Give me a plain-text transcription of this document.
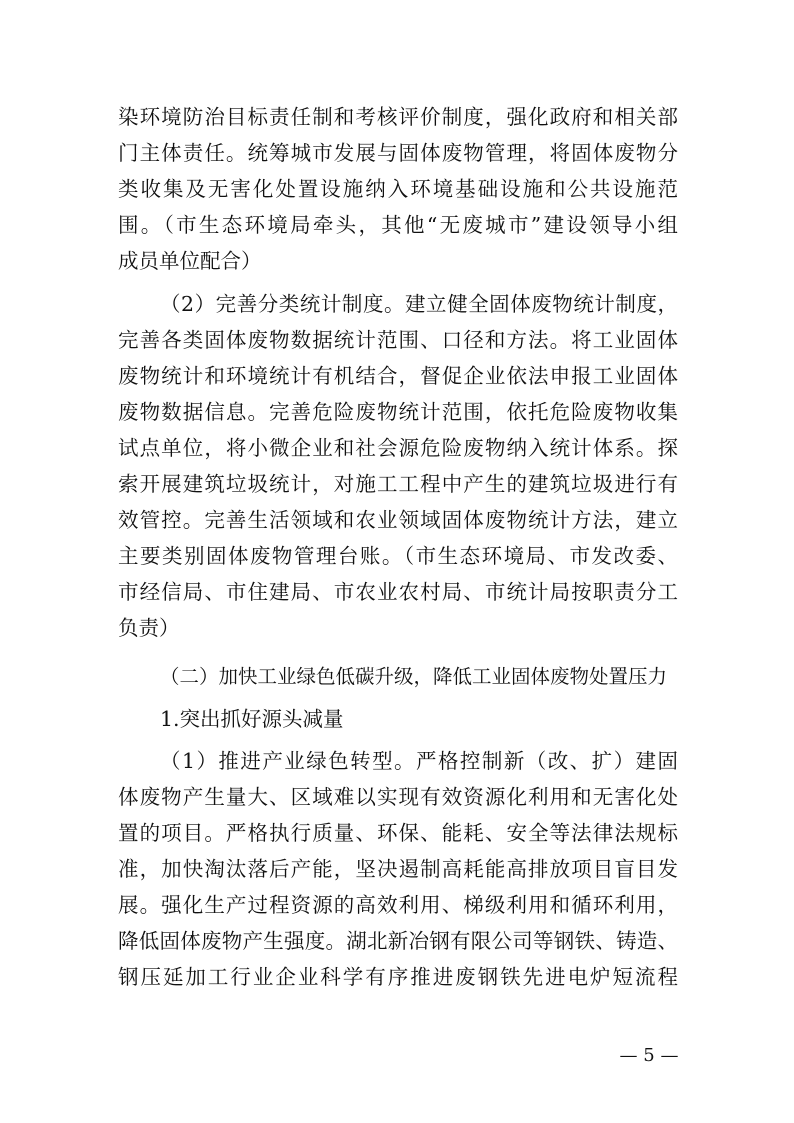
染环境防治目标责任制和考核评价制度，强化政府和相关部
门主体责任。统筹城市发展与固体废物管理，将固体废物分
类收集及无害化处置设施纳入环境基础设施和公共设施范
围。（市生态环境局牵头，其他“无废城市”建设领导小组
成员单位配合）
（2）完善分类统计制度。建立健全固体废物统计制度，
完善各类固体废物数据统计范围、口径和方法。将工业固体
废物统计和环境统计有机结合，督促企业依法申报工业固体
废物数据信息。完善危险废物统计范围，依托危险废物收集
试点单位，将小微企业和社会源危险废物纳入统计体系。探
索开展建筑垃圾统计，对施工工程中产生的建筑垃圾进行有
效管控。完善生活领域和农业领域固体废物统计方法，建立
主要类别固体废物管理台账。（市生态环境局、市发改委、
市经信局、市住建局、市农业农村局、市统计局按职责分工
负责）
（二）加快工业绿色低碳升级，降低工业固体废物处置压力
1.突出抓好源头减量
（1）推进产业绿色转型。严格控制新（改、扩）建固
体废物产生量大、区域难以实现有效资源化利用和无害化处
置的项目。严格执行质量、环保、能耗、安全等法律法规标
准，加快淘汰落后产能，坚决遏制高耗能高排放项目盲目发
展。强化生产过程资源的高效利用、梯级利用和循环利用，
降低固体废物产生强度。湖北新冶钢有限公司等钢铁、铸造、
钢压延加工行业企业科学有序推进废钢铁先进电炉短流程
— 5 —
